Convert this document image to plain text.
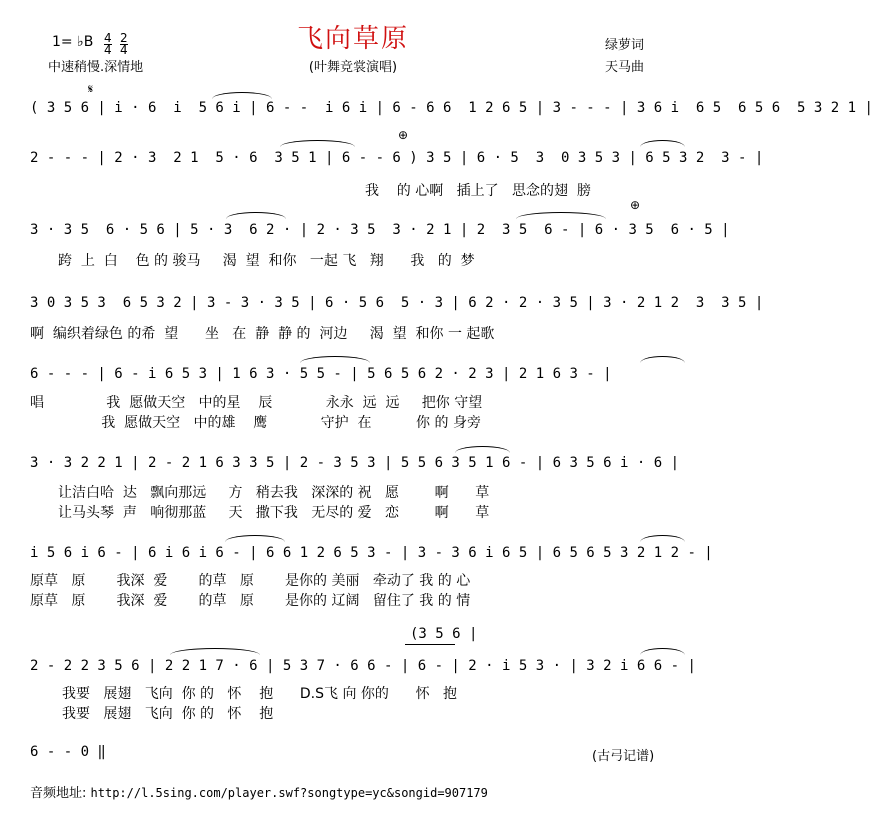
飞向草原
1= ♭B $\frac{4}{4} \frac{2}{4}$
中速稍慢.深情地	(叶舞竞裳演唱)
绿萝词
天马曲
( 3 5 6 | i · 6  i  5 6 i | 6 - -  i 6 i | 6 - 6 6  1 2 6 5 | 3 - - - | 3 6 i  6 5  6 5 6  5 3 2 1 |
2 - - - | 2 · 3  2 1  5 · 6  3 5 1 | 6 - - 6 ) 3 5 | 6 · 5  3  0 3 5 3 | 6 5 3 2  3 - |
我    的 心啊   插上了   思念的翅  膀
3 · 3 5  6 · 5 6 | 5 · 3  6 2 · | 2 · 3 5  3 · 2 1 | 2  3 5  6 - | 6 · 3 5  6 · 5 |
跨  上  白    色 的 骏马     渴  望  和你   一起 飞   翔      我   的  梦
3 0 3 5 3  6 5 3 2 | 3 - 3 · 3 5 | 6 · 5 6  5 · 3 | 6 2 · 2 · 3 5 | 3 · 2 1 2  3  3 5 |
啊  编织着绿色 的希  望      坐   在  静  静 的  河边     渴  望  和你 一 起歌
6 - - - | 6 - i 6 5 3 | 1 6 3 · 5 5 - | 5 6 5 6 2 · 2 3 | 2 1 6 3 - |
唱              我  愿做天空   中的星    辰            永永  远  远     把你 守望
我  愿做天空   中的雄    鹰            守护  在          你 的 身旁
3 · 3 2 2 1 | 2 - 2 1 6 3 3 5 | 2 - 3 5 3 | 5 5 6 3 5 1 6 - | 6 3 5 6 i · 6 |
让洁白哈  达   飘向那远     方   稍去我   深深的 祝   愿        啊      草
让马头琴  声   响彻那蓝     天   撒下我   无尽的 爱   恋        啊      草
i 5 6 i 6 - | 6 i 6 i 6 - | 6 6 1 2 6 5 3 - | 3 - 3 6 i 6 5 | 6 5 6 5 3 2 1 2 - |
原草   原       我深  爱       的草   原       是你的 美丽   牵动了 我 的 心
原草   原       我深  爱       的草   原       是你的 辽阔   留住了 我 的 情
(3 5 6 |
2 - 2 2 3 5 6 | 2 2 1 7 · 6 | 5 3 7 · 6 6 - | 6 - | 2 · i 5 3 · | 3 2 i 6 6 - |
我要   展翅   飞向  你 的   怀    抱      D.S飞 向 你的      怀   抱
我要   展翅   飞向  你 的   怀    抱
6 - - 0 ‖
𝄋
⊕
⊕
(古弓记谱)
音频地址: http://l.5sing.com/player.swf?songtype=yc&songid=907179
